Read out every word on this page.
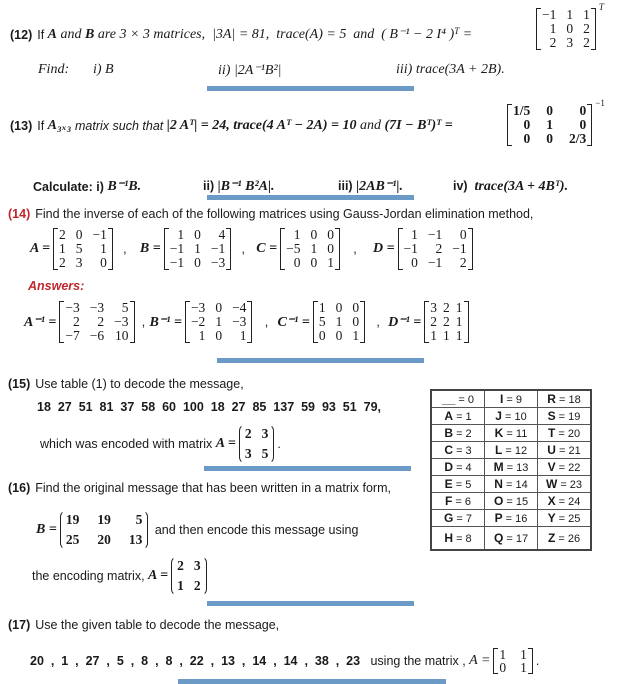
(12) If
A
and
B
are 3 × 3 matrices,
|3A| = 81,
trace(A) = 5
and
( B⁻¹ − 2 I⁴ ) T
=
−1 1 1
1 0 2
2 3 2
T
Find: i) B	ii) |2A⁻¹B²|	iii) trace(3A + 2B).
(13) If
A₃ₓ₃
matrix such that
|2 Aᵀ| = 24,
trace(4 Aᵀ − 2A) = 10
and
(7I − Bᵀ)ᵀ =
1/5 0	0
0 1	0
0 0 2/3
−1
Calculate:
i)
B⁻¹B.	ii) |B⁻¹ B²A|.	iii) |2AB⁻¹|.	iv) trace(3A + 4Bᵀ).
(14) Find the inverse of each of the following matrices using Gauss-Jordan elimination method,
A =
2 0 −1
1 5	1
2 3	0
, B =
1 0	4
−1 1 −1
−1 0 −3
, C =
1 0 0
−5 1 0
0 0 1
,	D =
1 −1	0
−1	2 −1
0 −1	2
Answers:
A⁻¹ =
−3 −3	5
2	2 −3
−7 −6 10
, B⁻¹ =
−3 0 −4
−2 1 −3
1 0	1
, C⁻¹ =
1 0 0
5 1 0
0 0 1
, D⁻¹ =
3 2 1
2 2 1
1 1 1
(15) Use table (1) to decode the message,
18  27  51  81  37  58  60  100  18  27  85  137  59  93  51  79,
which was encoded with matrix
A =
2 3
3 5
.
(16) Find the original message that has been written in a matrix form,
B =
19 19	5
25 20 13

and then encode this message using
the encoding matrix,
A =
2 3
1 2
(17) Use the given table to decode the message,
20  ,  1  ,  27  ,  5  ,  8  ,  8  ,  22  ,  13  ,  14  ,  14  ,  38  ,  23
using the matrix ,
A = 1 1
0 1 .
__ = 0	I = 9	R = 18
A = 1	J = 10	S = 19
B = 2	K = 11	T = 20
C = 3	L = 12	U = 21
D = 4	M = 13	V = 22
E = 5	N = 14	W = 23
F = 6	O = 15	X = 24
G = 7	P = 16	Y = 25
H = 8	Q = 17	Z = 26
